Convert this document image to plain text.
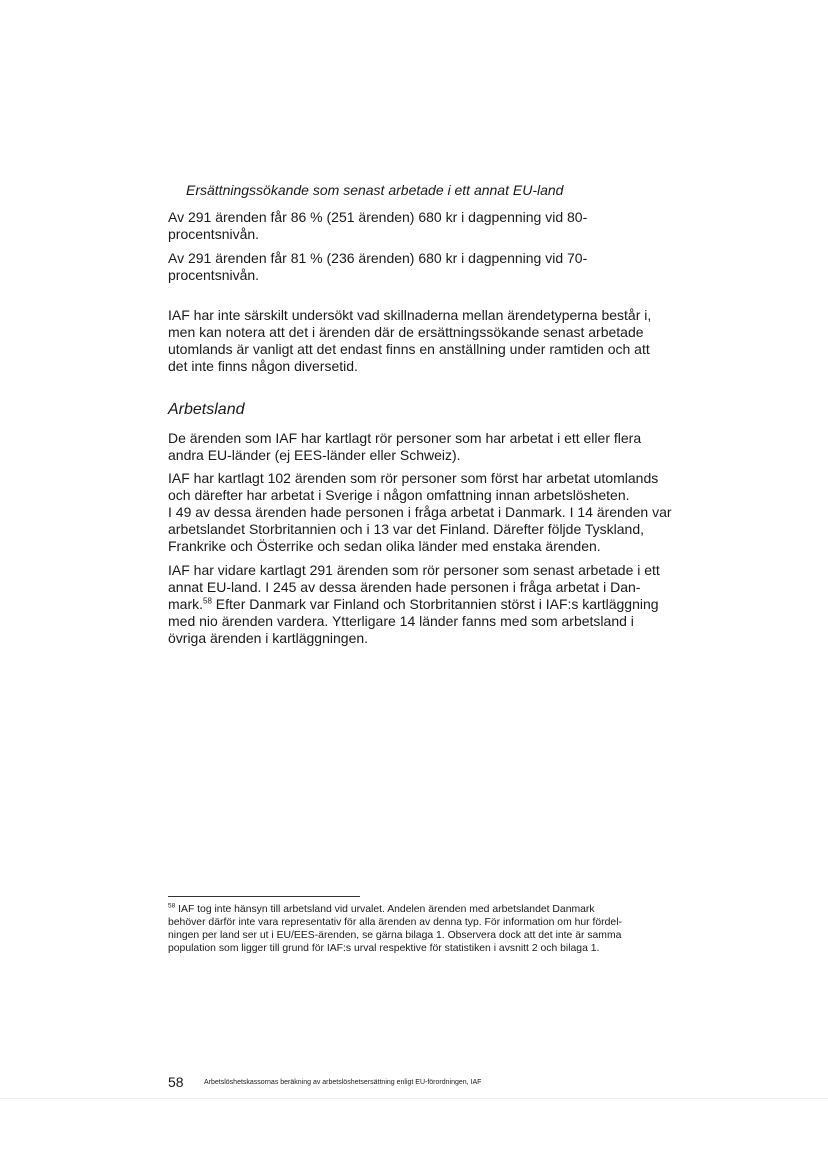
Ersättningssökande som senast arbetade i ett annat EU-land

Av 291 ärenden får 86 % (251 ärenden) 680 kr i dagpenning vid 80-

procentsnivån.

Av 291 ärenden får 81 % (236 ärenden) 680 kr i dagpenning vid 70-

procentsnivån.

IAF har inte särskilt undersökt vad skillnaderna mellan ärendetyperna består i,

men kan notera att det i ärenden där de ersättningssökande senast arbetade

utomlands är vanligt att det endast finns en anställning under ramtiden och att

det inte finns någon diversetid.

Arbetsland

De ärenden som IAF har kartlagt rör personer som har arbetat i ett eller flera

andra EU-länder (ej EES-länder eller Schweiz).

IAF har kartlagt 102 ärenden som rör personer som först har arbetat utomlands

och därefter har arbetat i Sverige i någon omfattning innan arbetslösheten.

I 49 av dessa ärenden hade personen i fråga arbetat i Danmark. I 14 ärenden var

arbetslandet Storbritannien och i 13 var det Finland. Därefter följde Tyskland,

Frankrike och Österrike och sedan olika länder med enstaka ärenden.

IAF har vidare kartlagt 291 ärenden som rör personer som senast arbetade i ett

annat EU-land. I 245 av dessa ärenden hade personen i fråga arbetat i Dan-

mark.$^{58}$ Efter Danmark var Finland och Storbritannien störst i IAF:s kartläggning

med nio ärenden vardera. Ytterligare 14 länder fanns med som arbetsland i

övriga ärenden i kartläggningen.

$^{58}$ IAF tog inte hänsyn till arbetsland vid urvalet. Andelen ärenden med arbetslandet Danmark
behöver därför inte vara representativ för alla ärenden av denna typ. För information om hur fördel-
ningen per land ser ut i EU/EES-ärenden, se gärna bilaga 1. Observera dock att det inte är samma
population som ligger till grund för IAF:s urval respektive för statistiken i avsnitt 2 och bilaga 1.
58	Arbetslöshetskassornas beräkning av arbetslöshetsersättning enligt EU-förordningen, IAF
